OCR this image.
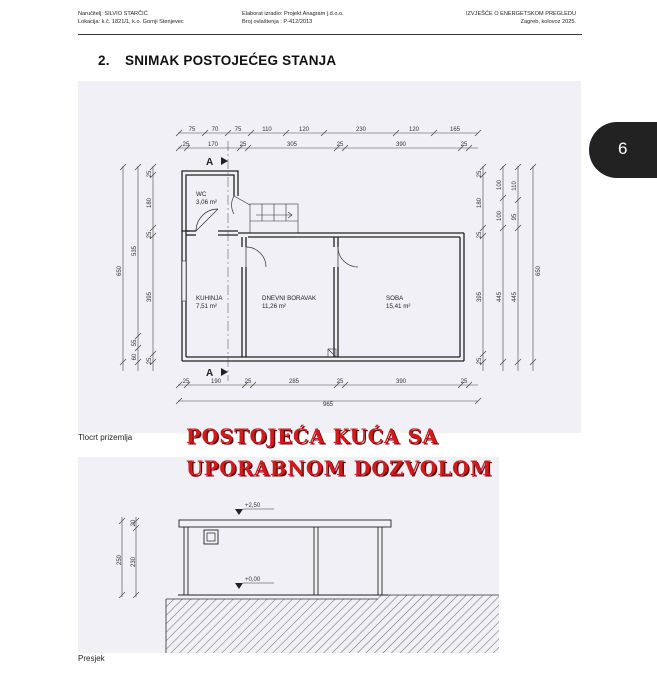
Naručitelj: SILVIO STARČIĆ
Lokacija: k.č. 1821/1, k.o. Gornji Stenjevec
Elaborat izradio: Projekt Anagram j.d.o.o.
Broj ovlaštenja : P-412/2013
IZVJEŠĆE O ENERGETSKOM PREGLEDU
Zagreb, kolovoz 2025.
2. SNIMAK POSTOJEĆEG STANJA
6
75	70	75	110	120	230	120	165
25	170	25	305	25	390	25
25	190	25	285	25	390	25
965
650
535
55
60
25
180
25
395
25
25
180
25
395
25
100
100
445
110
95
445
650
A
A
WC
3,06 m²
KUHINJA
7,51 m²
DNEVNI BORAVAK
11,26 m²
SOBA
15,41 m²
Tlocrt prizemlja
+2,50
+0,00
250
20
230
Presjek
POSTOJEĆA KUĆA SA
UPORABNOM DOZVOLOM
